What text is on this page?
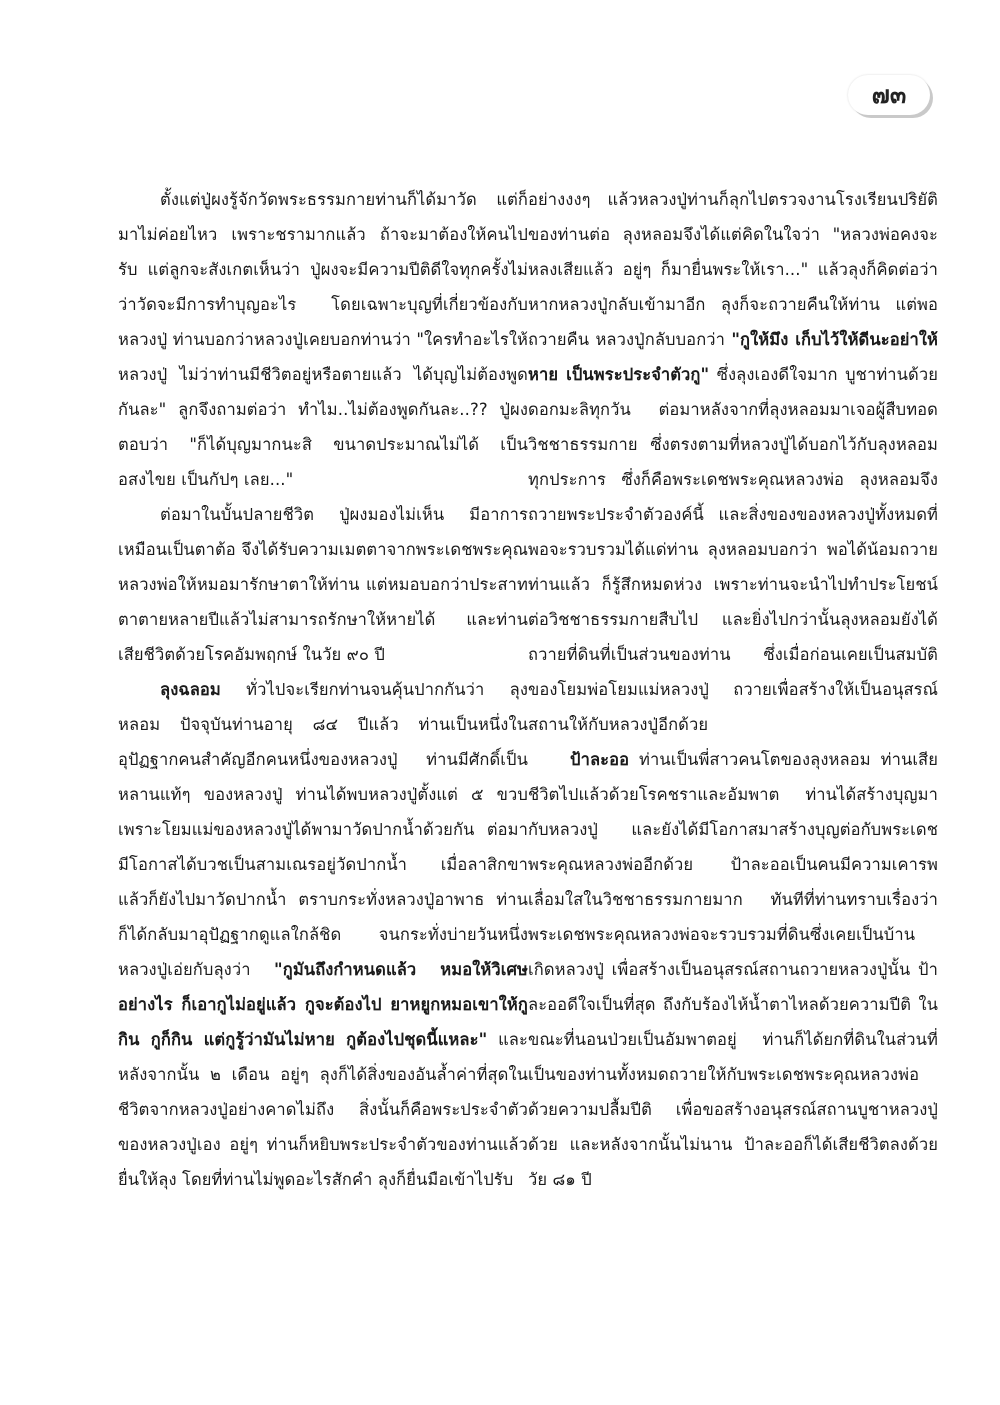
๗๓

ตั้งแต่ปู่ผงรู้จักวัดพระธรรมกายท่านก็ได้มาวัด แต่ก็มาไม่ค่อยไหว เพราะชรามากแล้ว ถ้าจะมาต้องให้คนไปรับ แต่ลูกจะสังเกตเห็นว่า ปู่ผงจะมีความปีติดีใจทุกครั้งไม่ว่าวัดจะมีการทำบุญอะไร โดยเฉพาะบุญที่เกี่ยวข้องกับหลวงปู่ ท่านบอกว่าหลวงปู่เคยบอกท่านว่า "ใครทำอะไรให้หลวงปู่ ไม่ว่าท่านมีชีวิตอยู่หรือตายแล้ว ได้บุญไม่ต้องพูดกันละ" ลูกจึงถามต่อว่า ทำไม..ไม่ต้องพูดกันละ..?? ปู่ผงตอบว่า "ก็ได้บุญมากนะสิ ขนาดประมาณไม่ได้ เป็นอสงไขย เป็นกัปๆ เลย..."

ต่อมาในบั้นปลายชีวิต ปู่ผงมองไม่เห็น มีอาการเหมือนเป็นตาต้อ จึงได้รับความเมตตาจากพระเดชพระคุณหลวงพ่อให้หมอมารักษาตาให้ท่าน แต่หมอบอกว่าประสาทตาตายหลายปีแล้วไม่สามารถรักษาให้หายได้ และท่านเสียชีวิตด้วยโรคอัมพฤกษ์ ในวัย ๙๐ ปี

ลุงฉลอม ทั่วไปจะเรียกท่านจนคุ้นปากกันว่า ลุงหลอม ปัจจุบันท่านอายุ ๘๔ ปีแล้ว ท่านเป็นหนึ่งในอุปัฏฐากคนสำคัญอีกคนหนึ่งของหลวงปู่ ท่านมีศักดิ์เป็นหลานแท้ๆ ของหลวงปู่ ท่านได้พบหลวงปู่ตั้งแต่ ๕ ขวบ เพราะโยมแม่ของหลวงปู่ได้พามาวัดปากน้ำด้วยกัน ต่อมามีโอกาสได้บวชเป็นสามเณรอยู่วัดปากน้ำ เมื่อลาสิกขาแล้วก็ยังไปมาวัดปากน้ำ ตราบกระทั่งหลวงปู่อาพาธ ท่านก็ได้กลับมาอุปัฏฐากดูแลใกล้ชิด จนกระทั่งบ่ายวันหนึ่งหลวงปู่เอ่ยกับลุงว่า "กูมันถึงกำหนดแล้ว หมอให้วิเศษอย่างไร ก็เอากูไม่อยู่แล้ว กูจะต้องไป ยาหยูกหมอเขาให้กูกิน กูก็กิน แต่กูรู้ว่ามันไม่หาย กูต้องไปชุดนี้แหละ" และหลังจากนั้น ๒ เดือน อยู่ๆ ลุงก็ได้สิ่งของอันล้ำค่าที่สุดในชีวิตจากหลวงปู่อย่างคาดไม่ถึง สิ่งนั้นก็คือพระประจำตัวของหลวงปู่เอง อยู่ๆ ท่านก็หยิบพระประจำตัวของท่านแล้วยื่นให้ลุง โดยที่ท่านไม่พูดอะไรสักคำ ลุงก็ยื่นมือเข้าไปรับ

อย่างงงๆ แล้วหลวงปู่ท่านก็ลุกไปตรวจงานโรงเรียนปริยัติของท่านต่อ ลุงหลอมจึงได้แต่คิดในใจว่า "หลวงพ่อคงจะหลงเสียแล้ว อยู่ๆ ก็มายื่นพระให้เรา..." แล้วลุงก็คิดต่อว่า หากหลวงปู่กลับเข้ามาอีก ลุงก็จะถวายคืนให้ท่าน แต่พอถวายคืน หลวงปู่กลับบอกว่า "กูให้มึง เก็บไว้ให้ดีนะอย่าให้หาย เป็นพระประจำตัวกู" ซึ่งลุงเองดีใจมาก บูชาท่านด้วยดอกมะลิทุกวัน ต่อมาหลังจากที่ลุงหลอมมาเจอผู้สืบทอดวิชชาธรรมกาย ซึ่งตรงตามที่หลวงปู่ได้บอกไว้กับลุงหลอมทุกประการ ซึ่งก็คือพระเดชพระคุณหลวงพ่อ ลุงหลอมจึงถวายพระประจำตัวองค์นี้ และสิ่งของของหลวงปู่ทั้งหมดที่พอจะรวบรวมได้แด่ท่าน ลุงหลอมบอกว่า พอได้น้อมถวายท่านแล้ว ก็รู้สึกหมดห่วง เพราะท่านจะนำไปทำประโยชน์ต่อวิชชาธรรมกายสืบไป และยิ่งไปกว่านั้นลุงหลอมยังได้ถวายที่ดินที่เป็นส่วนของท่าน ซึ่งเมื่อก่อนเคยเป็นสมบัติของโยมพ่อโยมแม่หลวงปู่ ถวายเพื่อสร้างให้เป็นอนุสรณ์สถานให้กับหลวงปู่อีกด้วย

ป้าละออ ท่านเป็นพี่สาวคนโตของลุงหลอม ท่านเสียชีวิตไปแล้วด้วยโรคชราและอัมพาต ท่านได้สร้างบุญมากับหลวงปู่ และยังได้มีโอกาสมาสร้างบุญต่อกับพระเดชพระคุณหลวงพ่ออีกด้วย ป้าละออเป็นคนมีความเคารพเลื่อมใสในวิชชาธรรมกายมาก ทันทีที่ท่านทราบเรื่องว่าพระเดชพระคุณหลวงพ่อจะรวบรวมที่ดินซึ่งเคยเป็นบ้านเกิดหลวงปู่ เพื่อสร้างเป็นอนุสรณ์สถานถวายหลวงปู่นั้น ป้าละออดีใจเป็นที่สุด ถึงกับร้องไห้น้ำตาไหลด้วยความปีติ ในขณะที่นอนป่วยเป็นอัมพาตอยู่ ท่านก็ได้ยกที่ดินในส่วนที่เป็นของท่านทั้งหมดถวายให้กับพระเดชพระคุณหลวงพ่อด้วยความปลื้มปีติ เพื่อขอสร้างอนุสรณ์สถานบูชาหลวงปู่ด้วย และหลังจากนั้นไม่นาน ป้าละออก็ได้เสียชีวิตลงด้วยวัย ๘๑ ปี
